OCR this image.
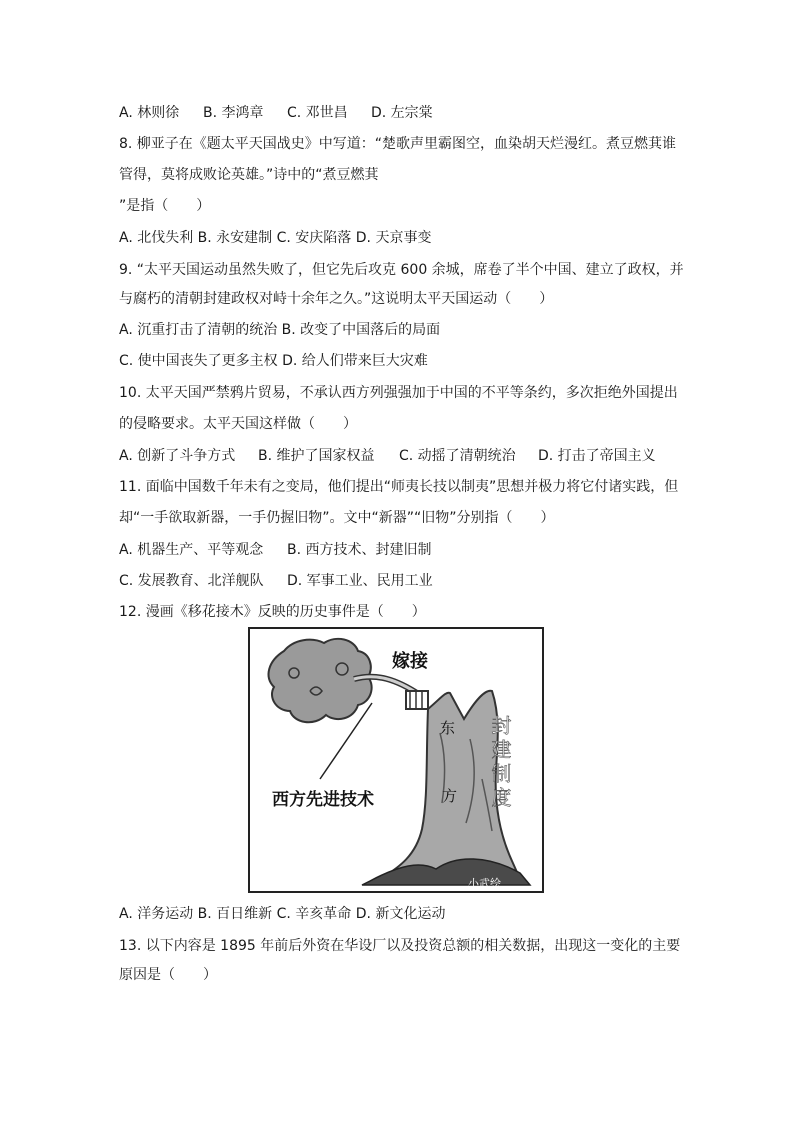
A. 林则徐 B. 李鸿章 C. 邓世昌 D. 左宗棠
8. 柳亚子在《题太平天国战史》中写道：“楚歌声里霸图空，血染胡天烂漫红。煮豆燃萁谁
管得，莫将成败论英雄。”诗中的“煮豆燃萁
”是指（　　）
A. 北伐失利 B. 永安建制 C. 安庆陷落 D. 天京事变
9. “太平天国运动虽然失败了，但它先后攻克 600 余城，席卷了半个中国、建立了政权，并
与腐朽的清朝封建政权对峙十余年之久。”这说明太平天国运动（　　）
A. 沉重打击了清朝的统治 B. 改变了中国落后的局面
C. 使中国丧失了更多主权 D. 给人们带来巨大灾难
10. 太平天国严禁鸦片贸易，不承认西方列强强加于中国的不平等条约，多次拒绝外国提出
的侵略要求。太平天国这样做（　　）
A. 创新了斗争方式 B. 维护了国家权益 C. 动摇了清朝统治 D. 打击了帝国主义
11. 面临中国数千年未有之变局，他们提出“师夷长技以制夷”思想并极力将它付诸实践，但
却“一手欲取新器，一手仍握旧物”。文中“新器”“旧物”分别指（　　）
A. 机器生产、平等观念 B. 西方技术、封建旧制
C. 发展教育、北洋舰队 D. 军事工业、民用工业
12. 漫画《移花接木》反映的历史事件是（　　）
嫁接
东
方 封建制度
西方先进技术
小武绘
A. 洋务运动 B. 百日维新 C. 辛亥革命 D. 新文化运动
13. 以下内容是 1895 年前后外资在华设厂以及投资总额的相关数据，出现这一变化的主要
原因是（　　）
